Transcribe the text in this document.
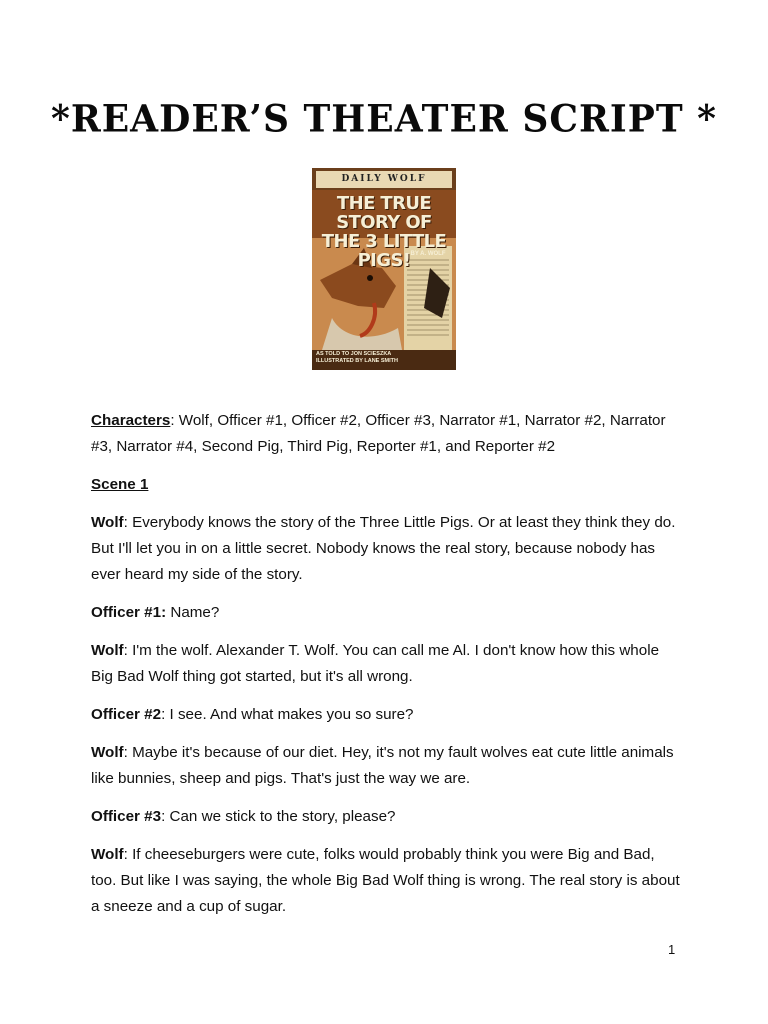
*READER’S THEATER SCRIPT *
DAILY WOLF
THE TRUE STORY OF
THE 3 LITTLE PIGS! BY A. WOLF
AS TOLD TO JON SCIESZKA
ILLUSTRATED BY LANE SMITH

Characters: Wolf, Officer #1, Officer #2, Officer #3, Narrator #1, Narrator #2, Narrator #3, Narrator #4, Second Pig, Third Pig, Reporter #1, and Reporter #2

Scene 1

Wolf: Everybody knows the story of the Three Little Pigs. Or at least they think they do. But I'll let you in on a little secret. Nobody knows the real story, because nobody has ever heard my side of the story.

Officer #1: Name?

Wolf: I'm the wolf. Alexander T. Wolf. You can call me Al. I don't know how this whole Big Bad Wolf thing got started, but it's all wrong.

Officer #2: I see. And what makes you so sure?

Wolf: Maybe it's because of our diet. Hey, it's not my fault wolves eat cute little animals like bunnies, sheep and pigs. That's just the way we are.

Officer #3: Can we stick to the story, please?

Wolf: If cheeseburgers were cute, folks would probably think you were Big and Bad, too. But like I was saying, the whole Big Bad Wolf thing is wrong. The real story is about a sneeze and a cup of sugar.

1
